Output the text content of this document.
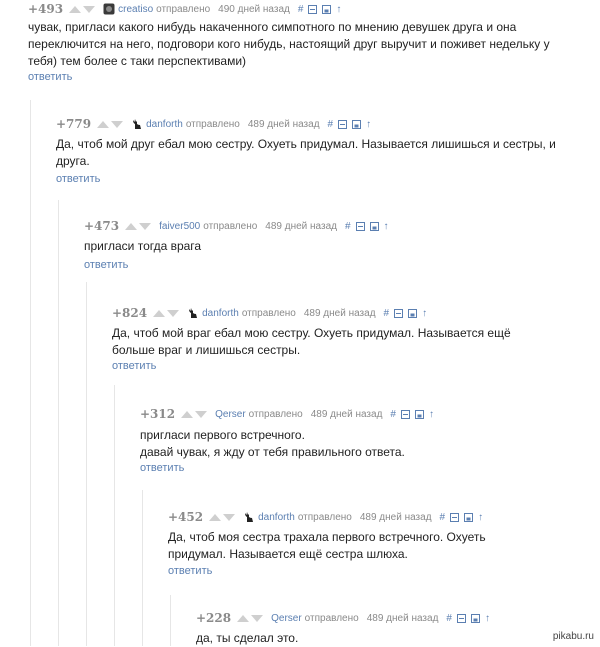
+493	creatiso отправлено 490 дней назад #	↑
чувак, пригласи какого нибудь накаченного симпотного по мнению девушек друга и она переключится на него, подговори кого нибудь, настоящий друг выручит и поживет недельку у тебя) тем более с таки перспективами)
ответить
+779	danforth отправлено 489 дней назад #	↑
Да, чтоб мой друг ебал мою сестру. Охуеть придумал. Называется лишишься и сестры, и друга.
ответить
+473	faiver500 отправлено 489 дней назад #	↑
пригласи тогда врага
ответить
+824	danforth отправлено 489 дней назад #	↑
Да, чтоб мой враг ебал мою сестру. Охуеть придумал. Называется ещё больше враг и лишишься сестры.
ответить
+312	Qerser отправлено 489 дней назад #	↑
пригласи первого встречного.
давай чувак, я жду от тебя правильного ответа.
ответить
+452	danforth отправлено 489 дней назад #	↑
Да, чтоб моя сестра трахала первого встречного. Охуеть придумал. Называется ещё сестра шлюха.
ответить
+228	Qerser отправлено 489 дней назад #	↑
да, ты сделал это.	pikabu.ru
